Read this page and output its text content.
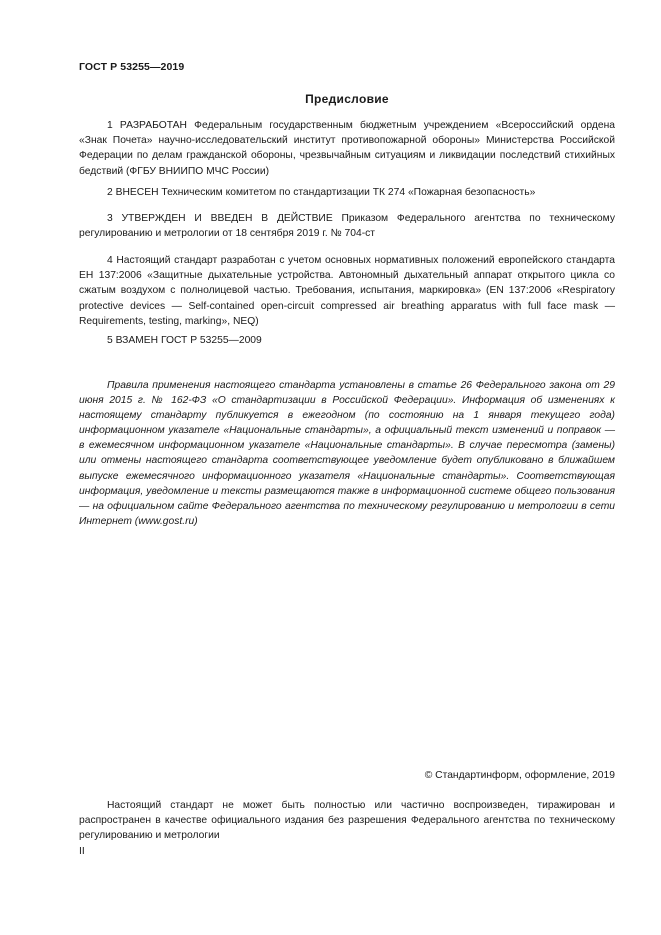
ГОСТ Р 53255—2019
Предисловие

1 РАЗРАБОТАН Федеральным государственным бюджетным учреждением «Всероссийский ордена «Знак Почета» научно-исследовательский институт противопожарной обороны» Министерства Российской Федерации по делам гражданской обороны, чрезвычайным ситуациям и ликвидации последствий стихийных бедствий (ФГБУ ВНИИПО МЧС России)

2 ВНЕСЕН Техническим комитетом по стандартизации ТК 274 «Пожарная безопасность»

3 УТВЕРЖДЕН И ВВЕДЕН В ДЕЙСТВИЕ Приказом Федерального агентства по техническому регулированию и метрологии от 18 сентября 2019 г. № 704-ст

4 Настоящий стандарт разработан с учетом основных нормативных положений европейского стандарта ЕН 137:2006 «Защитные дыхательные устройства. Автономный дыхательный аппарат открытого цикла со сжатым воздухом с полнолицевой частью. Требования, испытания, маркировка» (EN 137:2006 «Respiratory protective devices — Self-contained open-circuit compressed air breathing apparatus with full face mask — Requirements, testing, marking», NEQ)

5 ВЗАМЕН ГОСТ Р 53255—2009

Правила применения настоящего стандарта установлены в статье 26 Федерального закона от 29 июня 2015 г. № 162-ФЗ «О стандартизации в Российской Федерации». Информация об изменениях к настоящему стандарту публикуется в ежегодном (по состоянию на 1 января текущего года) информационном указателе «Национальные стандарты», а официальный текст изменений и поправок — в ежемесячном информационном указателе «Национальные стандарты». В случае пересмотра (замены) или отмены настоящего стандарта соответствующее уведомление будет опубликовано в ближайшем выпуске ежемесячного информационного указателя «Национальные стандарты». Соответствующая информация, уведомление и тексты размещаются также в информационной системе общего пользования — на официальном сайте Федерального агентства по техническому регулированию и метрологии в сети Интернет (www.gost.ru)

© Стандартинформ, оформление, 2019

Настоящий стандарт не может быть полностью или частично воспроизведен, тиражирован и распространен в качестве официального издания без разрешения Федерального агентства по техническому регулированию и метрологии

II
